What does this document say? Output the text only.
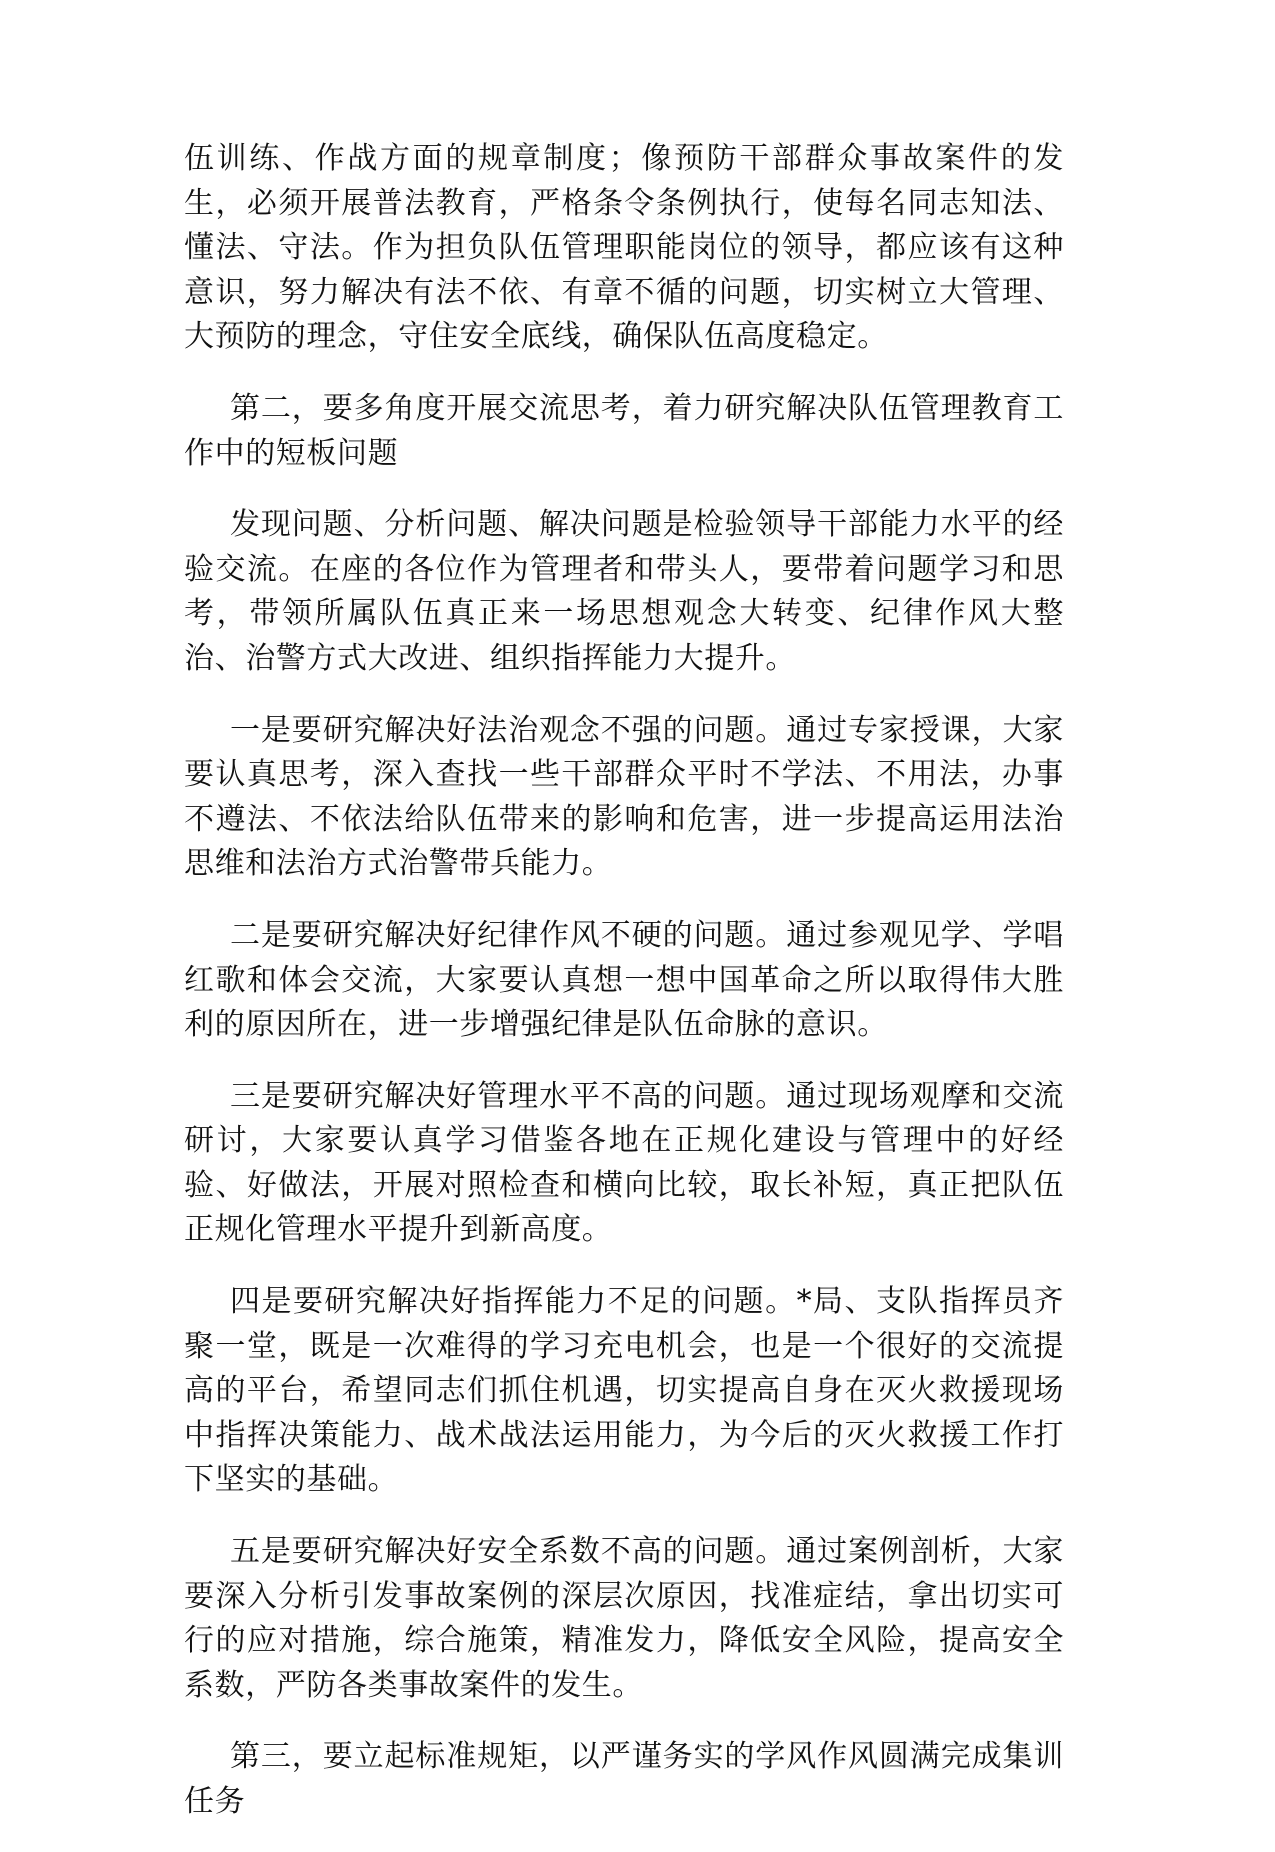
伍训练、作战方面的规章制度；像预防干部群众事故案件的发生，必须开展普法教育，严格条令条例执行，使每名同志知法、懂法、守法。作为担负队伍管理职能岗位的领导，都应该有这种意识，努力解决有法不依、有章不循的问题，切实树立大管理、大预防的理念，守住安全底线，确保队伍高度稳定。

第二，要多角度开展交流思考，着力研究解决队伍管理教育工作中的短板问题

发现问题、分析问题、解决问题是检验领导干部能力水平的经验交流。在座的各位作为管理者和带头人，要带着问题学习和思考，带领所属队伍真正来一场思想观念大转变、纪律作风大整治、治警方式大改进、组织指挥能力大提升。

一是要研究解决好法治观念不强的问题。通过专家授课，大家要认真思考，深入查找一些干部群众平时不学法、不用法，办事不遵法、不依法给队伍带来的影响和危害，进一步提高运用法治思维和法治方式治警带兵能力。

二是要研究解决好纪律作风不硬的问题。通过参观见学、学唱红歌和体会交流，大家要认真想一想中国革命之所以取得伟大胜利的原因所在，进一步增强纪律是队伍命脉的意识。

三是要研究解决好管理水平不高的问题。通过现场观摩和交流研讨，大家要认真学习借鉴各地在正规化建设与管理中的好经验、好做法，开展对照检查和横向比较，取长补短，真正把队伍正规化管理水平提升到新高度。

四是要研究解决好指挥能力不足的问题。*局、支队指挥员齐聚一堂，既是一次难得的学习充电机会，也是一个很好的交流提高的平台，希望同志们抓住机遇，切实提高自身在灭火救援现场中指挥决策能力、战术战法运用能力，为今后的灭火救援工作打下坚实的基础。

五是要研究解决好安全系数不高的问题。通过案例剖析，大家要深入分析引发事故案例的深层次原因，找准症结，拿出切实可行的应对措施，综合施策，精准发力，降低安全风险，提高安全系数，严防各类事故案件的发生。

第三，要立起标准规矩，以严谨务实的学风作风圆满完成集训任务
